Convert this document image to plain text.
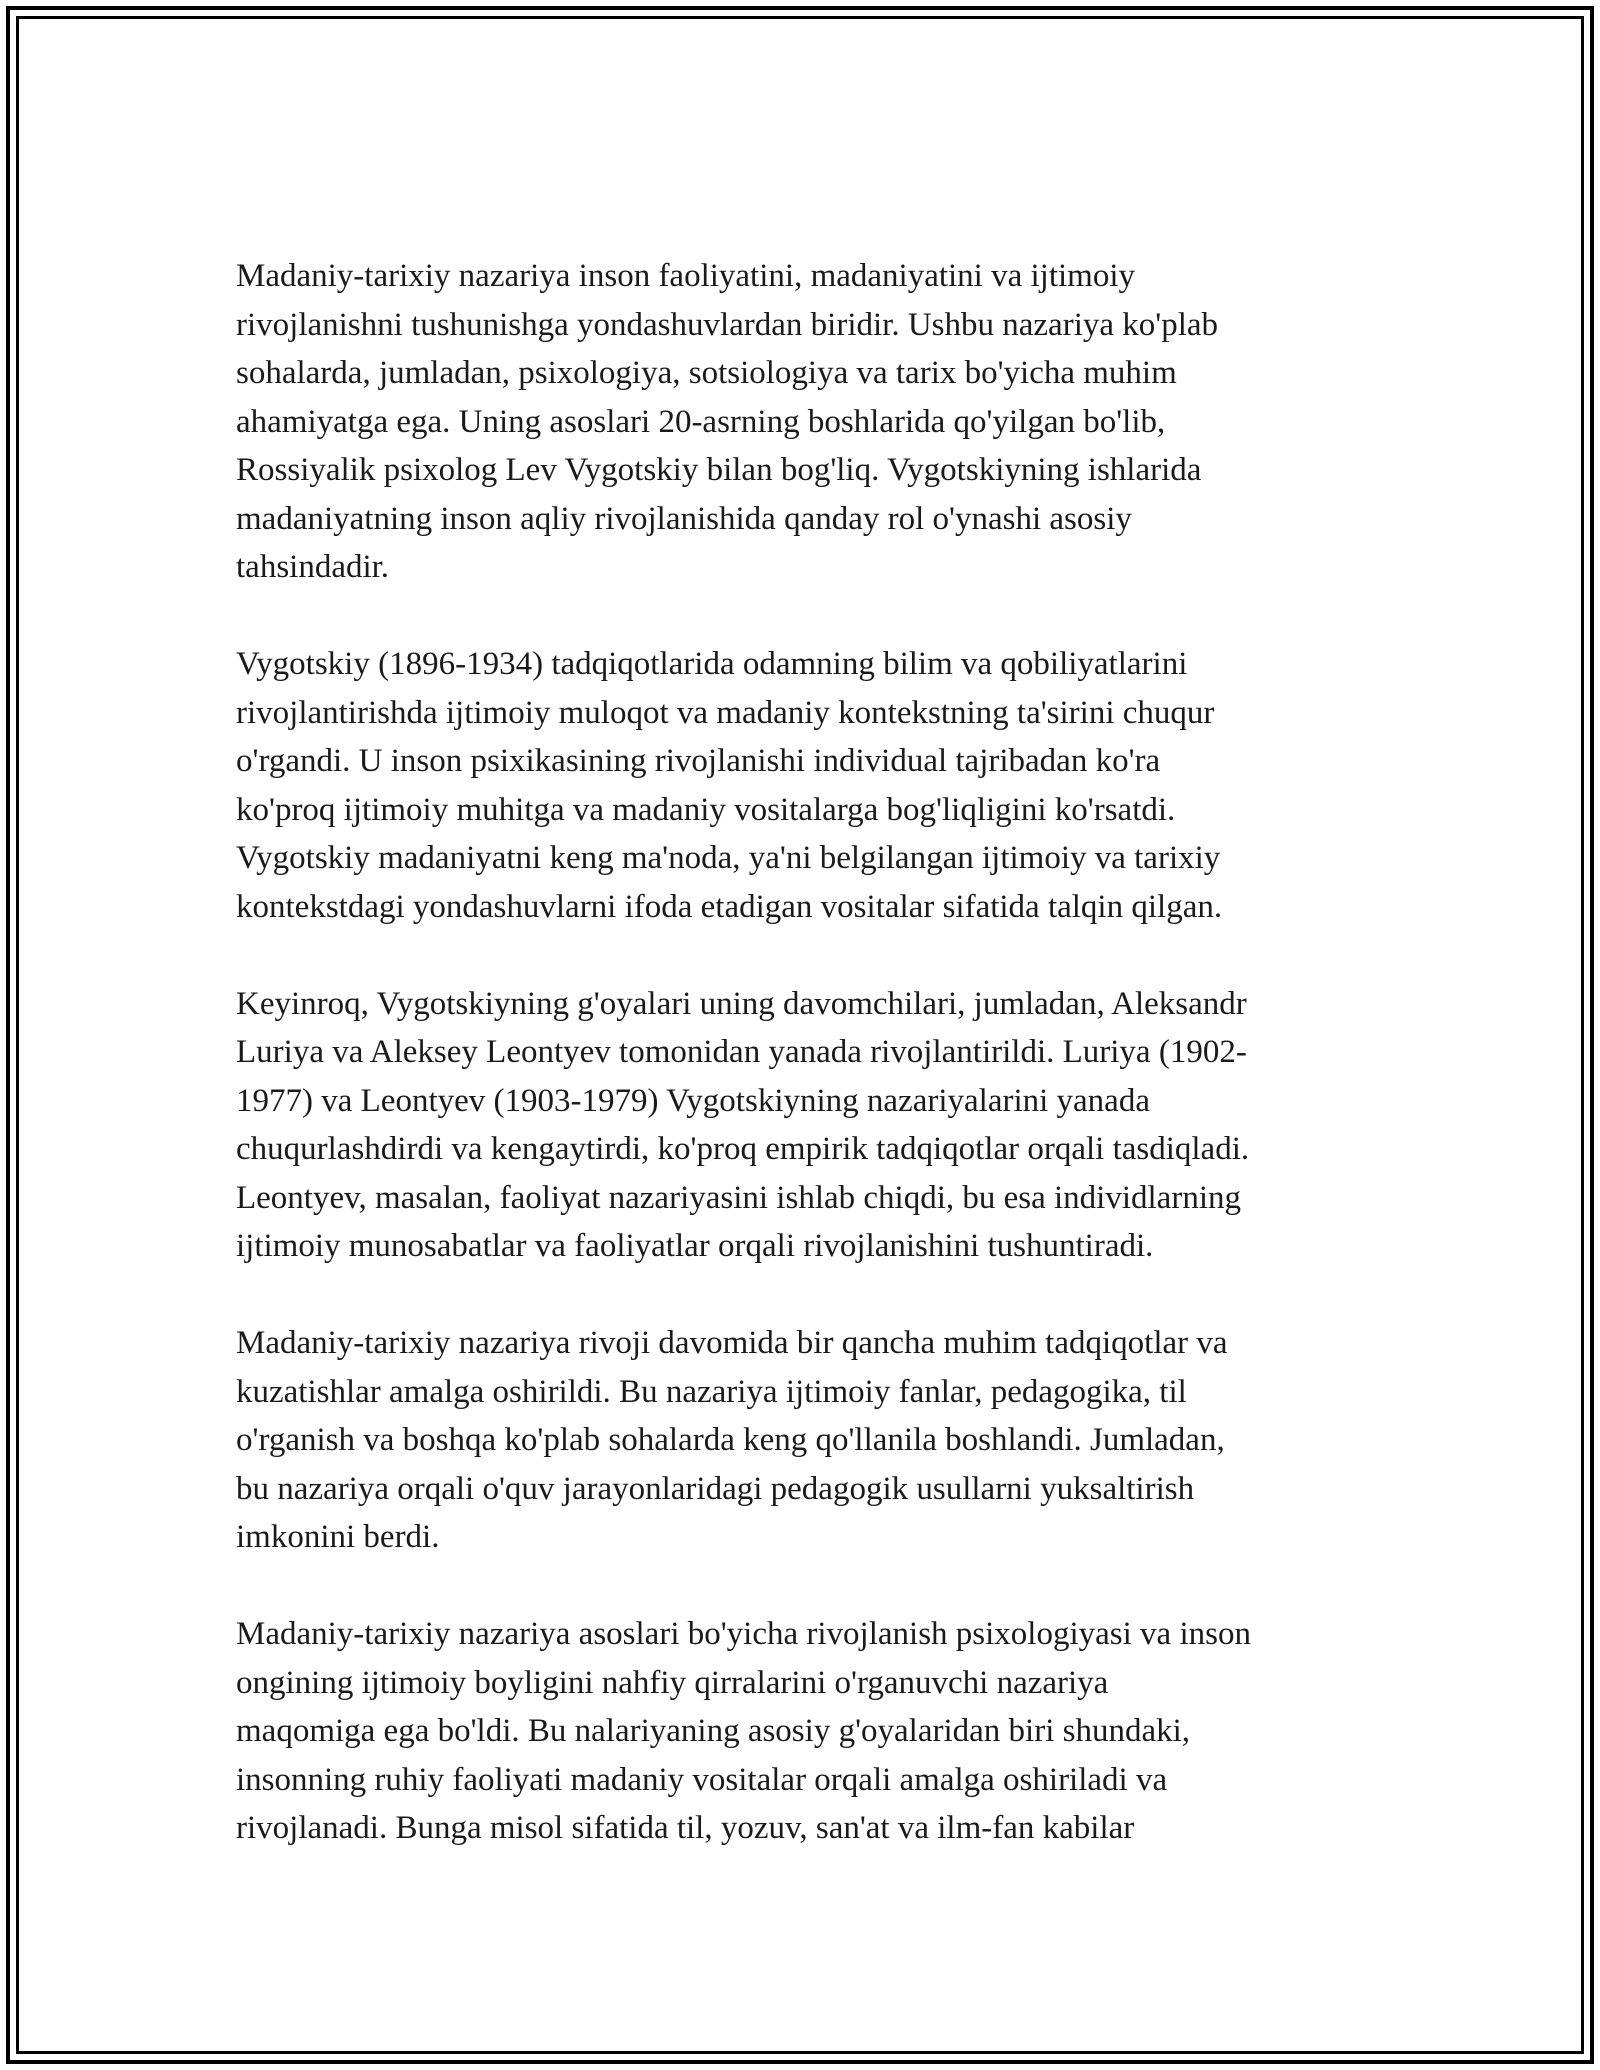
Madaniy-tarixiy nazariya inson faoliyatini, madaniyatini va ijtimoiy
rivojlanishni tushunishga yondashuvlardan biridir. Ushbu nazariya ko'plab
sohalarda, jumladan, psixologiya, sotsiologiya va tarix bo'yicha muhim
ahamiyatga ega. Uning asoslari 20-asrning boshlarida qo'yilgan bo'lib,
Rossiyalik psixolog Lev Vygotskiy bilan bog'liq. Vygotskiyning ishlarida
madaniyatning inson aqliy rivojlanishida qanday rol o'ynashi asosiy
tahsindadir.

Vygotskiy (1896-1934) tadqiqotlarida odamning bilim va qobiliyatlarini
rivojlantirishda ijtimoiy muloqot va madaniy kontekstning ta'sirini chuqur
o'rgandi. U inson psixikasining rivojlanishi individual tajribadan ko'ra
ko'proq ijtimoiy muhitga va madaniy vositalarga bog'liqligini ko'rsatdi.
Vygotskiy madaniyatni keng ma'noda, ya'ni belgilangan ijtimoiy va tarixiy
kontekstdagi yondashuvlarni ifoda etadigan vositalar sifatida talqin qilgan.

Keyinroq, Vygotskiyning g'oyalari uning davomchilari, jumladan, Aleksandr
Luriya va Aleksey Leontyev tomonidan yanada rivojlantirildi. Luriya (1902-
1977) va Leontyev (1903-1979) Vygotskiyning nazariyalarini yanada
chuqurlashdirdi va kengaytirdi, ko'proq empirik tadqiqotlar orqali tasdiqladi.
Leontyev, masalan, faoliyat nazariyasini ishlab chiqdi, bu esa individlarning
ijtimoiy munosabatlar va faoliyatlar orqali rivojlanishini tushuntiradi.

Madaniy-tarixiy nazariya rivoji davomida bir qancha muhim tadqiqotlar va
kuzatishlar amalga oshirildi. Bu nazariya ijtimoiy fanlar, pedagogika, til
o'rganish va boshqa ko'plab sohalarda keng qo'llanila boshlandi. Jumladan,
bu nazariya orqali o'quv jarayonlaridagi pedagogik usullarni yuksaltirish
imkonini berdi.

Madaniy-tarixiy nazariya asoslari bo'yicha rivojlanish psixologiyasi va inson
ongining ijtimoiy boyligini nahfiy qirralarini o'rganuvchi nazariya
maqomiga ega bo'ldi. Bu nalariyaning asosiy g'oyalaridan biri shundaki,
insonning ruhiy faoliyati madaniy vositalar orqali amalga oshiriladi va
rivojlanadi. Bunga misol sifatida til, yozuv, san'at va ilm-fan kabilar
